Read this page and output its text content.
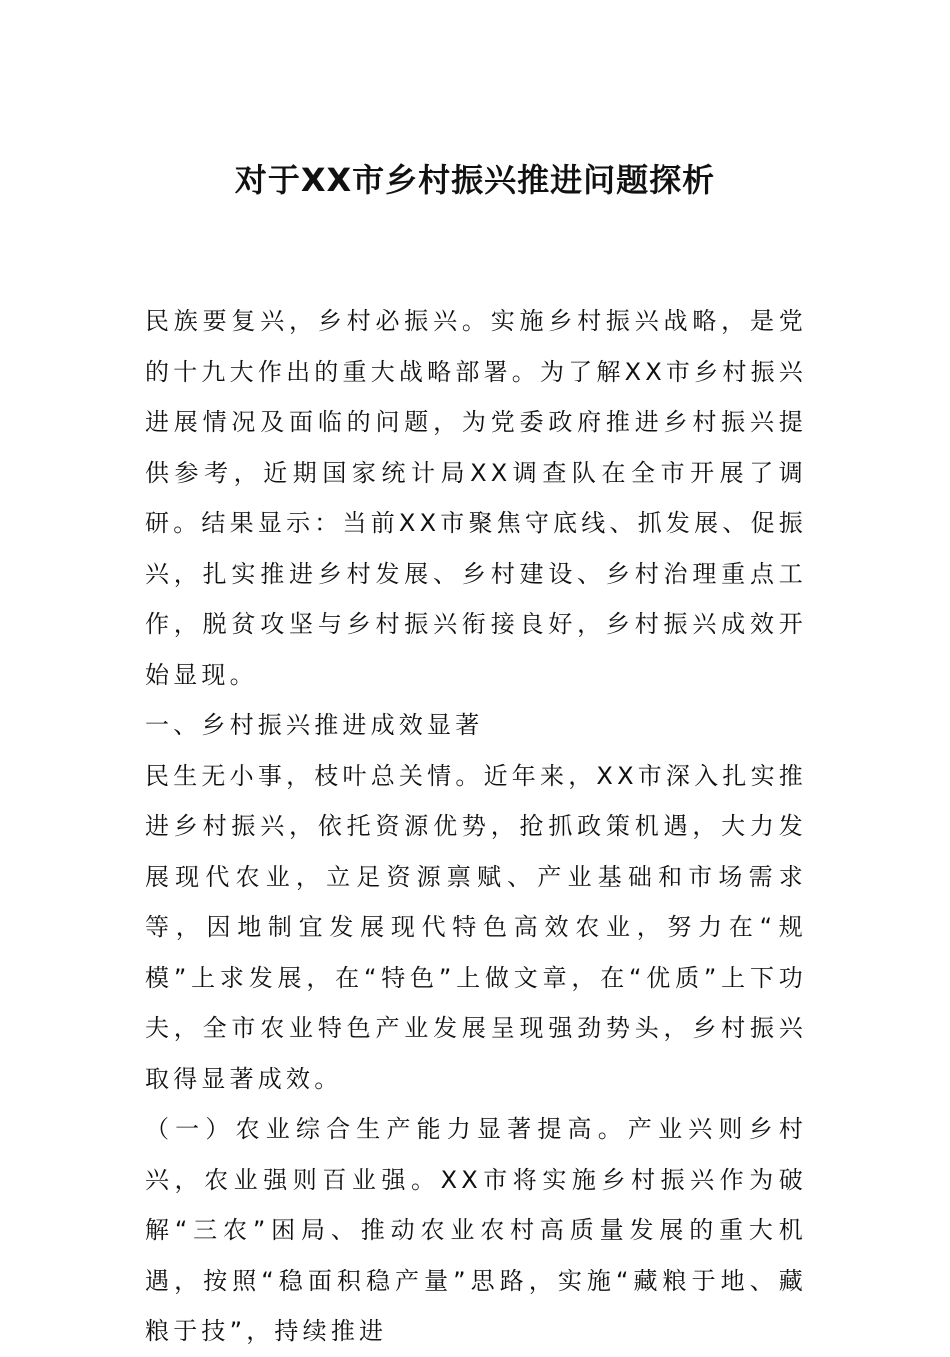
对于XX市乡村振兴推进问题探析

民族要复兴，乡村必振兴。实施乡村振兴战略，是党的十九大作出的重大战略部署。为了解XX市乡村振兴进展情况及面临的问题，为党委政府推进乡村振兴提供参考，近期国家统计局XX调查队在全市开展了调研。结果显示：当前XX市聚焦守底线、抓发展、促振兴，扎实推进乡村发展、乡村建设、乡村治理重点工作，脱贫攻坚与乡村振兴衔接良好，乡村振兴成效开始显现。

一、乡村振兴推进成效显著

民生无小事，枝叶总关情。近年来，XX市深入扎实推进乡村振兴，依托资源优势，抢抓政策机遇，大力发展现代农业，立足资源禀赋、产业基础和市场需求等，因地制宜发展现代特色高效农业，努力在“规模”上求发展，在“特色”上做文章，在“优质”上下功夫，全市农业特色产业发展呈现强劲势头，乡村振兴取得显著成效。

（一）农业综合生产能力显著提高。产业兴则乡村兴，农业强则百业强。XX市将实施乡村振兴作为破解“三农”困局、推动农业农村高质量发展的重大机遇，按照“稳面积稳产量”思路，实施“藏粮于地、藏粮于技”，持续推进
